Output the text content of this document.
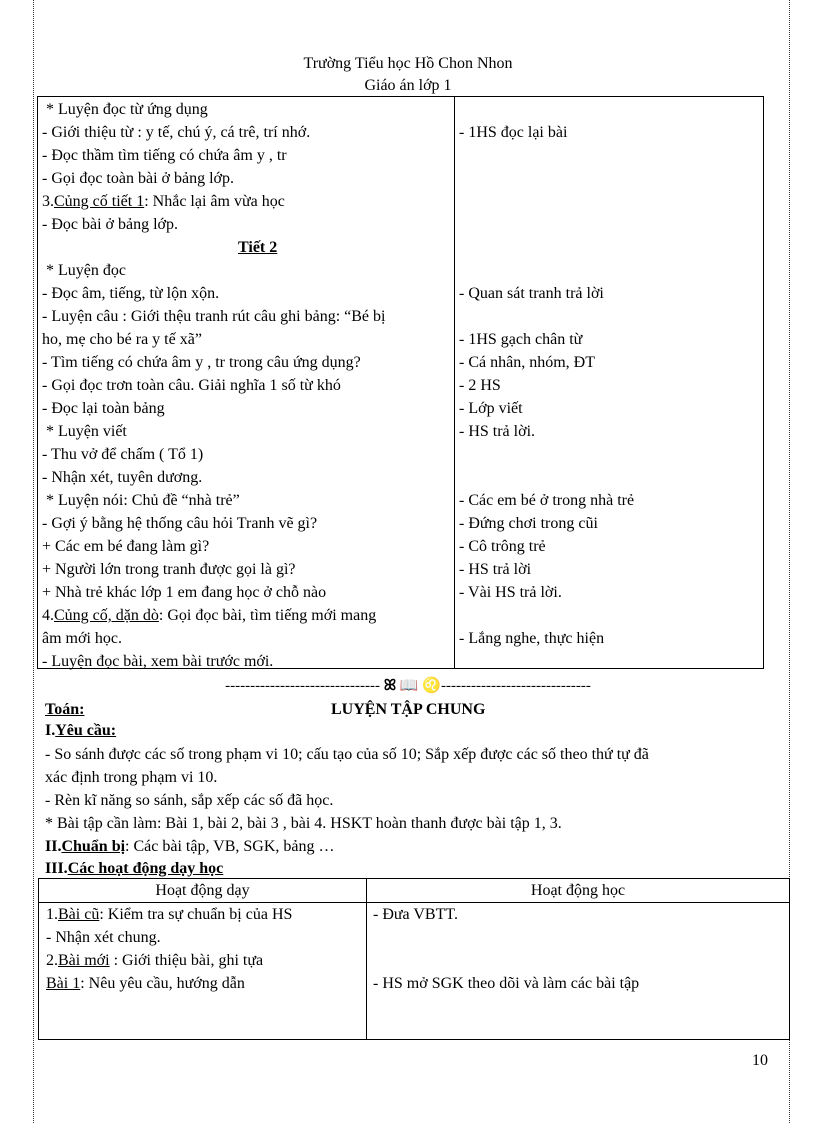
Trường Tiểu học Hồ Chon Nhon
Giáo án lớp 1
* Luyện đọc từ ứng dụng
- Giới thiệu từ : y tế, chú ý, cá trê, trí nhớ.
- Đọc thầm tìm tiếng có chứa âm y , tr
- Gọi đọc toàn bài ở bảng lớp.
3.Củng cố tiết 1: Nhắc lại âm vừa học
- Đọc bài ở bảng lớp.
Tiết 2
* Luyện đọc
- Đọc âm, tiếng, từ lộn xộn.
- Luyện câu : Giới thệu tranh rút câu ghi bảng: “Bé bị
ho, mẹ cho bé ra y tế xã”
- Tìm tiếng có chứa âm y , tr trong câu ứng dụng?
- Gọi đọc trơn toàn câu. Giải nghĩa 1 số từ khó
- Đọc lại toàn bảng
* Luyện viết
- Thu vở để chấm ( Tổ 1)
- Nhận xét, tuyên dương.
* Luyện nói: Chủ đề “nhà trẻ”
- Gợi ý bằng hệ thống câu hỏi Tranh vẽ gì?
+ Các em bé đang làm gì?
+ Người lớn trong tranh được gọi là gì?
+ Nhà trẻ khác lớp 1 em đang học ở chỗ nào
4.Củng cố, dặn dò: Gọi đọc bài, tìm tiếng mới mang
âm mới học.
- Luyện đọc bài, xem bài trước mới.
- 1HS đọc lại bài
- Quan sát tranh trả lời
- 1HS gạch chân từ
- Cá nhân, nhóm, ĐT
- 2 HS
- Lớp viết
- HS trả lời.
- Các em bé ở trong nhà trẻ
- Đứng chơi trong cũi
- Cô trông trẻ
- HS trả lời
- Vài HS trả lời.
- Lắng nghe, thực hiện
------------------------------- ꕤ 📖 ♌------------------------------
Toán:	LUYỆN TẬP CHUNG
I.Yêu cầu:
- So sánh được các số trong phạm vi 10; cấu tạo của số 10; Sắp xếp được các số theo thứ tự đã
xác định trong phạm vi 10.
- Rèn kĩ năng so sánh, sắp xếp các số đã học.
* Bài tập cần làm: Bài 1, bài 2, bài 3 , bài 4. HSKT hoàn thanh được bài tập 1, 3.
II.Chuẩn bị: Các bài tập, VB, SGK, bảng …
III.Các hoạt động dạy học
Hoạt động dạy	Hoạt động học
1.Bài cũ: Kiểm tra sự chuẩn bị của HS
- Nhận xét chung.
2.Bài mới : Giới thiệu bài, ghi tựa
Bài 1: Nêu yêu cầu, hướng dẫn
- Đưa VBTT.
- HS mở SGK theo dõi và làm các bài tập
10
